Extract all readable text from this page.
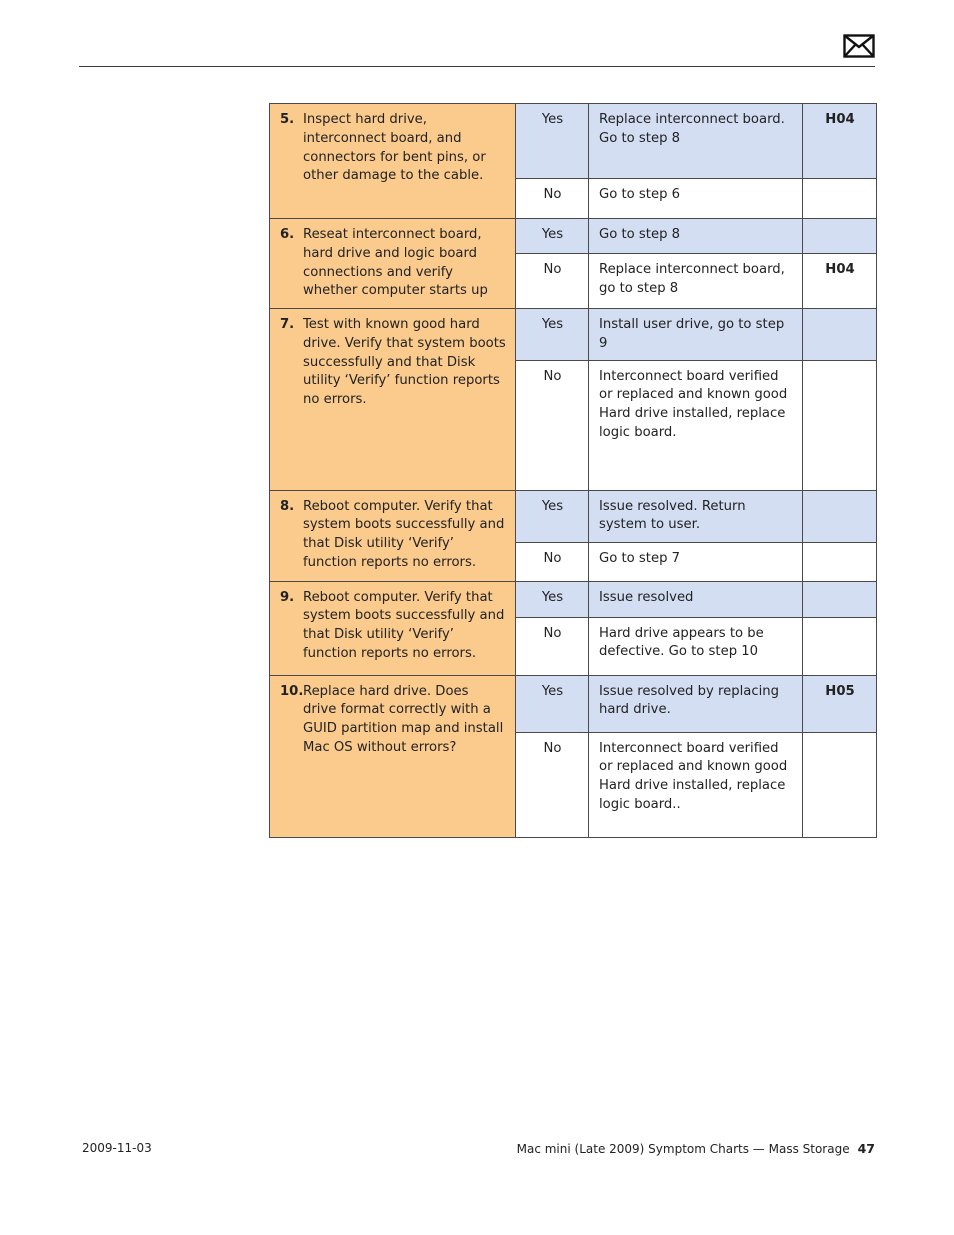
5. Inspect hard drive, interconnect board, and connectors for bent pins, or other damage to the cable.	Yes	Replace interconnect board. Go to step 8	H04
	No	Go to step 6	

6. Reseat interconnect board, hard drive and logic board connections and verify whether computer starts up	Yes	Go to step 8	
	No	Replace interconnect board, go to step 8	H04

7. Test with known good hard drive. Verify that system boots successfully and that Disk utility ‘Verify’ function reports no errors.	Yes	Install user drive, go to step 9	
	No	Interconnect board verified or replaced and known good Hard drive installed, replace logic board.	

8. Reboot computer. Verify that system boots successfully and that Disk utility ‘Verify’ function reports no errors.	Yes	Issue resolved. Return system to user.	
	No	Go to step 7	

9. Reboot computer. Verify that system boots successfully and that Disk utility ‘Verify’ function reports no errors.	Yes	Issue resolved	
	No	Hard drive appears to be defective. Go to step 10	

10. Replace hard drive. Does drive format correctly with a GUID partition map and install Mac OS without errors?	Yes	Issue resolved by replacing hard drive.	H05
	No	Interconnect board verified or replaced and known good Hard drive installed, replace logic board..	
2009-11-03	Mac mini (Late 2009) Symptom Charts — Mass Storage 47
